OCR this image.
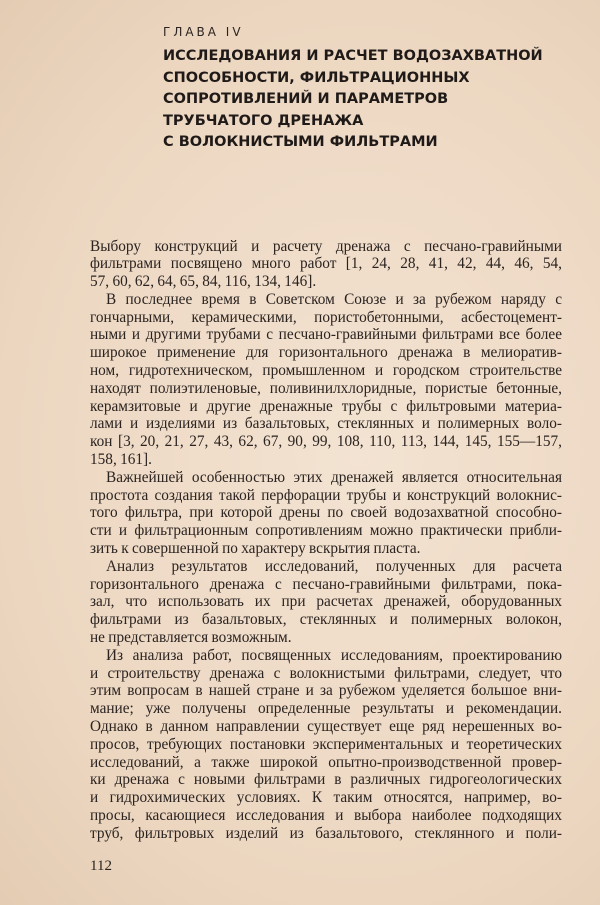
ГЛАВА IV
ИССЛЕДОВАНИЯ И РАСЧЕТ ВОДОЗАХВАТНОЙ
СПОСОБНОСТИ, ФИЛЬТРАЦИОННЫХ
СОПРОТИВЛЕНИЙ И ПАРАМЕТРОВ
ТРУБЧАТОГО ДРЕНАЖА
С ВОЛОКНИСТЫМИ ФИЛЬТРАМИ
Выбору конструкций и расчету дренажа с песчано-гравийными
фильтрами посвящено много работ [1, 24, 28, 41, 42, 44, 46, 54,
57, 60, 62, 64, 65, 84, 116, 134, 146].
В последнее время в Советском Союзе и за рубежом наряду с
гончарными, керамическими, пористобетонными, асбестоцемент-
ными и другими трубами с песчано-гравийными фильтрами все более
широкое применение для горизонтального дренажа в мелиоратив-
ном, гидротехническом, промышленном и городском строительстве
находят полиэтиленовые, поливинилхлоридные, пористые бетонные,
керамзитовые и другие дренажные трубы с фильтровыми материа-
лами и изделиями из базальтовых, стеклянных и полимерных воло-
кон [3, 20, 21, 27, 43, 62, 67, 90, 99, 108, 110, 113, 144, 145, 155—157,
158, 161].
Важнейшей особенностью этих дренажей является относительная
простота создания такой перфорации трубы и конструкций волокнис-
того фильтра, при которой дрены по своей водозахватной способно-
сти и фильтрационным сопротивлениям можно практически прибли-
зить к совершенной по характеру вскрытия пласта.
Анализ результатов исследований, полученных для расчета
горизонтального дренажа с песчано-гравийными фильтрами, пока-
зал, что использовать их при расчетах дренажей, оборудованных
фильтрами из базальтовых, стеклянных и полимерных волокон,
не представляется возможным.
Из анализа работ, посвященных исследованиям, проектированию
и строительству дренажа с волокнистыми фильтрами, следует, что
этим вопросам в нашей стране и за рубежом уделяется большое вни-
мание; уже получены определенные результаты и рекомендации.
Однако в данном направлении существует еще ряд нерешенных во-
просов, требующих постановки экспериментальных и теоретических
исследований, а также широкой опытно-производственной провер-
ки дренажа с новыми фильтрами в различных гидрогеологических
и гидрохимических условиях. К таким относятся, например, во-
просы, касающиеся исследования и выбора наиболее подходящих
труб, фильтровых изделий из базальтового, стеклянного и поли-
112
